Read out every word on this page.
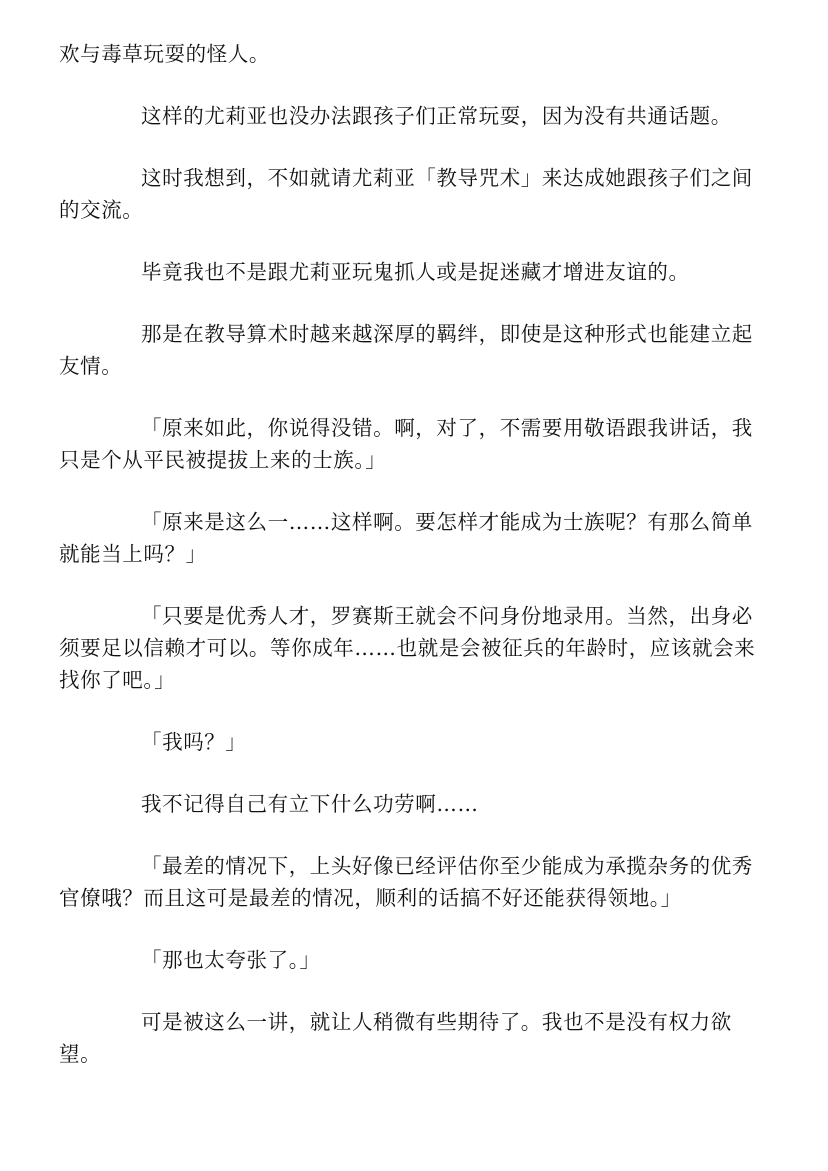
欢与毒草玩耍的怪人。

这样的尤莉亚也没办法跟孩子们正常玩耍，因为没有共通话题。

这时我想到，不如就请尤莉亚「教导咒术」来达成她跟孩子们之间的交流。

毕竟我也不是跟尤莉亚玩鬼抓人或是捉迷藏才增进友谊的。

那是在教导算术时越来越深厚的羁绊，即使是这种形式也能建立起友情。

「原来如此，你说得没错。啊，对了，不需要用敬语跟我讲话，我只是个从平民被提拔上来的士族。」

「原来是这么一……这样啊。要怎样才能成为士族呢？有那么简单就能当上吗？」

「只要是优秀人才，罗赛斯王就会不问身份地录用。当然，出身必须要足以信赖才可以。等你成年……也就是会被征兵的年龄时，应该就会来找你了吧。」

「我吗？」

我不记得自己有立下什么功劳啊……

「最差的情况下，上头好像已经评估你至少能成为承揽杂务的优秀官僚哦？而且这可是最差的情况，顺利的话搞不好还能获得领地。」

「那也太夸张了。」

可是被这么一讲，就让人稍微有些期待了。我也不是没有权力欲望。
